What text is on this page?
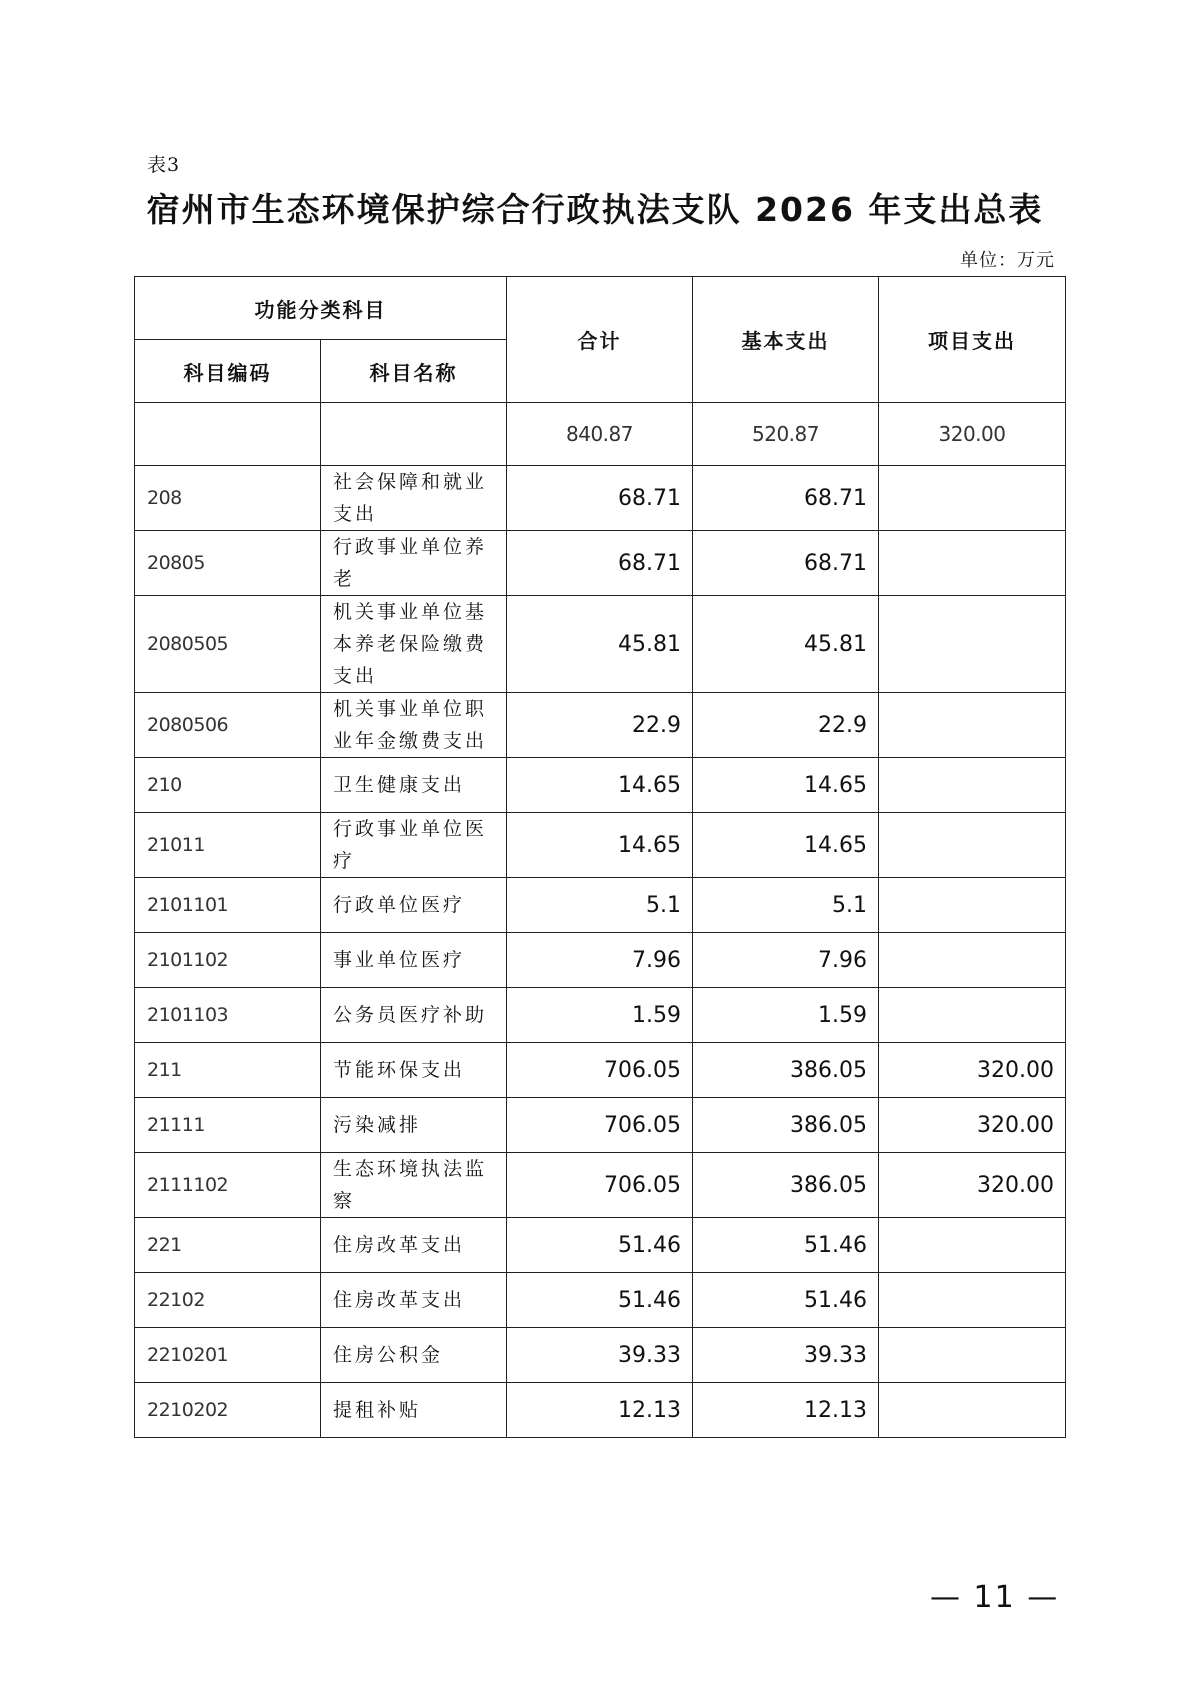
表3
宿州市生态环境保护综合行政执法支队 2026 年支出总表
单位：万元
功能分类科目		合计	基本支出	项目支出
科目编码	科目名称			
		840.87	520.87	320.00
208	社会保障和就业支出	68.71	68.71	
20805	行政事业单位养老	68.71	68.71	
2080505	机关事业单位基本养老保险缴费支出	45.81	45.81	
2080506	机关事业单位职业年金缴费支出	22.9	22.9	
210	卫生健康支出	14.65	14.65	
21011	行政事业单位医疗	14.65	14.65	
2101101	行政单位医疗	5.1	5.1	
2101102	事业单位医疗	7.96	7.96	
2101103	公务员医疗补助	1.59	1.59	
211	节能环保支出	706.05	386.05	320.00
21111	污染减排	706.05	386.05	320.00
2111102	生态环境执法监察	706.05	386.05	320.00
221	住房改革支出	51.46	51.46	
22102	住房改革支出	51.46	51.46	
2210201	住房公积金	39.33	39.33	
2210202	提租补贴	12.13	12.13	
— 11 —
